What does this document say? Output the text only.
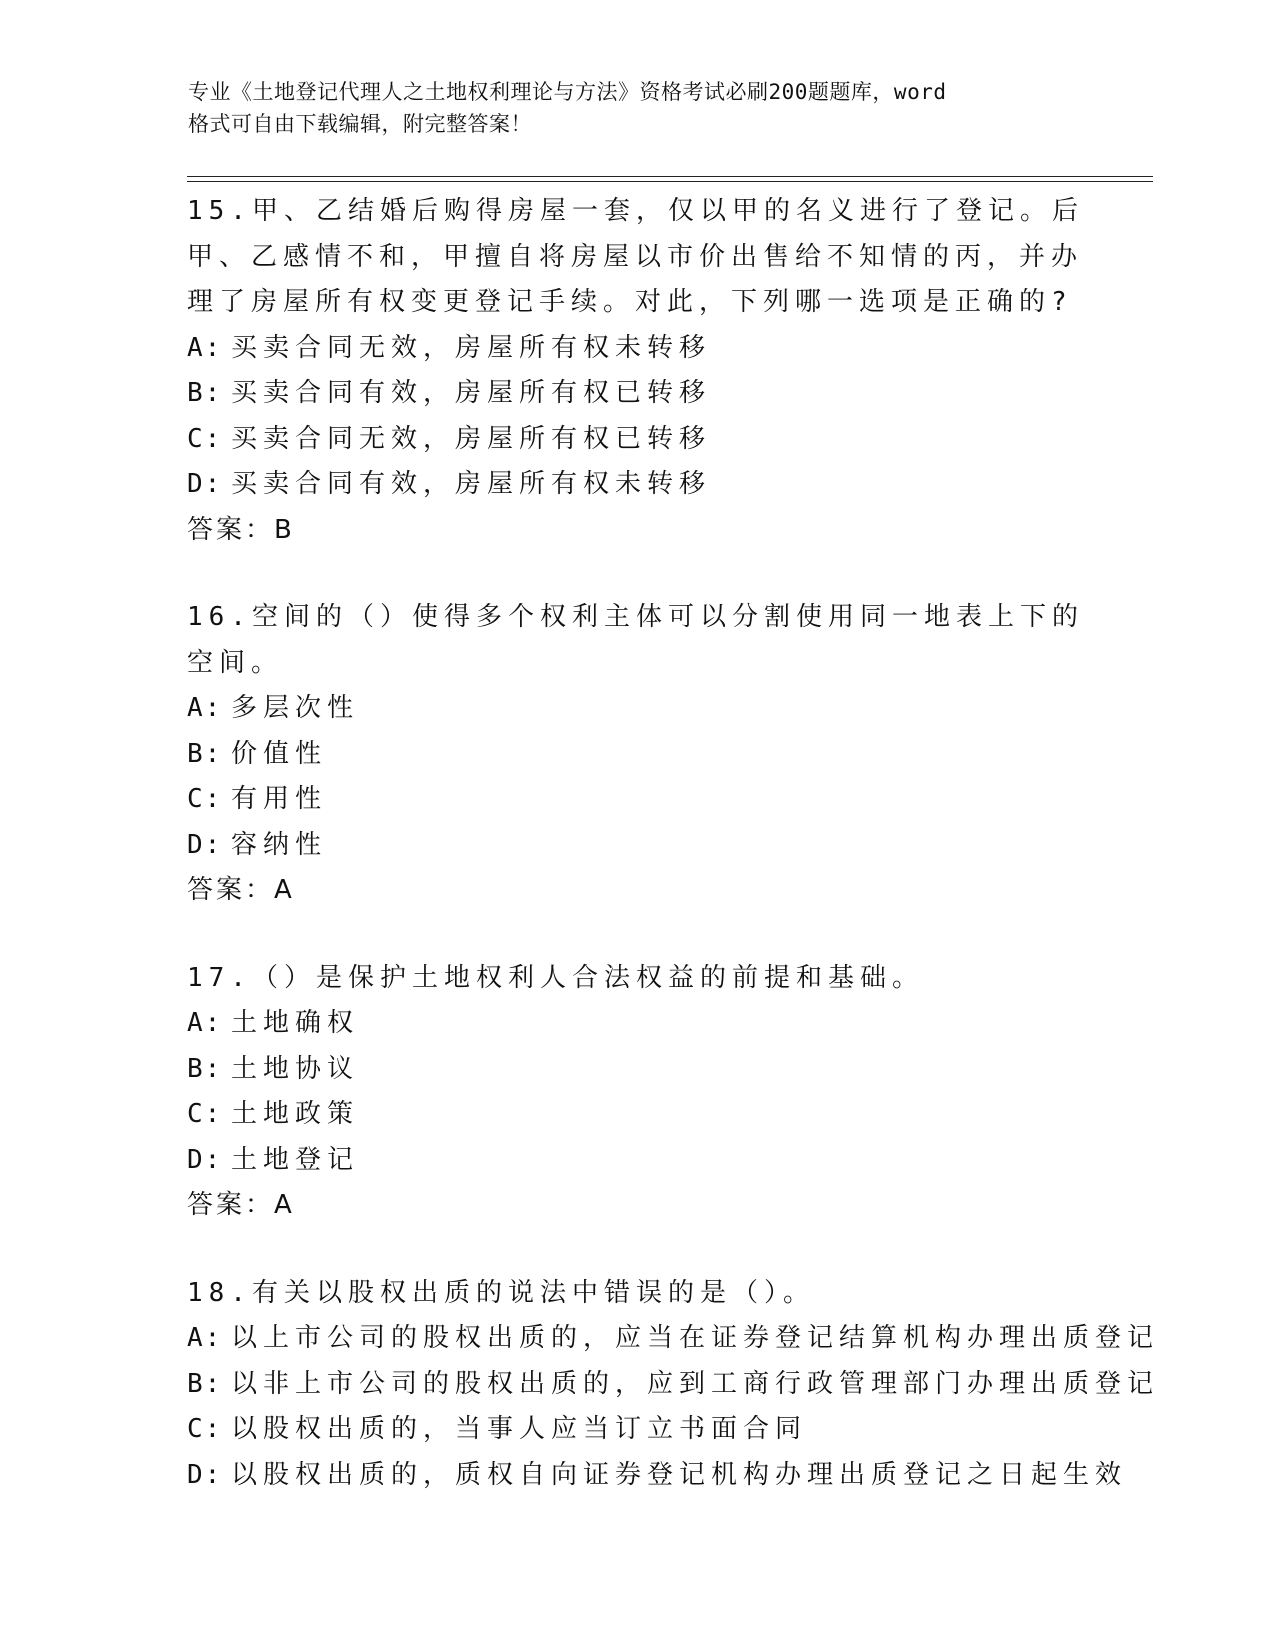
专业《土地登记代理人之土地权利理论与方法》资格考试必刷200题题库，word
格式可自由下载编辑，附完整答案！

15.甲、乙结婚后购得房屋一套，仅以甲的名义进行了登记。后甲、乙感情不和，甲擅自将房屋以市价出售给不知情的丙，并办理了房屋所有权变更登记手续。对此，下列哪一选项是正确的?

A: 买卖合同无效，房屋所有权未转移
B: 买卖合同有效，房屋所有权已转移
C: 买卖合同无效，房屋所有权已转移
D: 买卖合同有效，房屋所有权未转移
答案：B

16.空间的（）使得多个权利主体可以分割使用同一地表上下的空间。

A: 多层次性
B: 价值性
C: 有用性
D: 容纳性
答案：A

17.（）是保护土地权利人合法权益的前提和基础。

A: 土地确权
B: 土地协议
C: 土地政策
D: 土地登记
答案：A

18.有关以股权出质的说法中错误的是（）。

A: 以上市公司的股权出质的，应当在证券登记结算机构办理出质登记
B: 以非上市公司的股权出质的，应到工商行政管理部门办理出质登记
C: 以股权出质的，当事人应当订立书面合同
D: 以股权出质的，质权自向证券登记机构办理出质登记之日起生效
